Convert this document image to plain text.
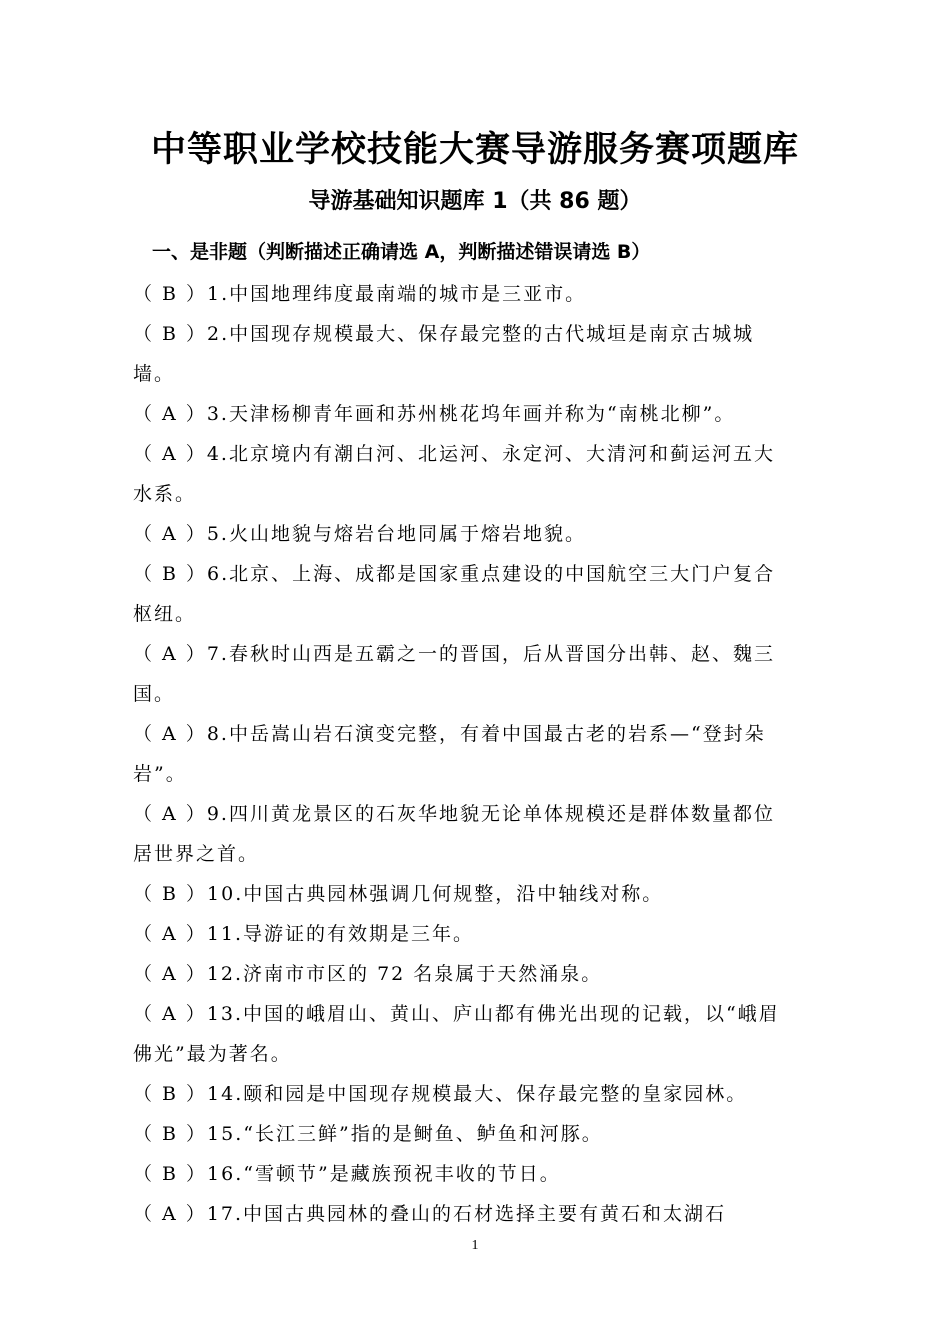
中等职业学校技能大赛导游服务赛项题库
导游基础知识题库 1（共 86 题）
一、是非题（判断描述正确请选 A，判断描述错误请选 B）
（ B ）1.中国地理纬度最南端的城市是三亚市。
（ B ）2.中国现存规模最大、保存最完整的古代城垣是南京古城城墙。
（ A ）3.天津杨柳青年画和苏州桃花坞年画并称为“南桃北柳”。
（ A ）4.北京境内有潮白河、北运河、永定河、大清河和蓟运河五大水系。
（ A ）5.火山地貌与熔岩台地同属于熔岩地貌。
（ B ）6.北京、上海、成都是国家重点建设的中国航空三大门户复合枢纽。
（ A ）7.春秋时山西是五霸之一的晋国，后从晋国分出韩、赵、魏三国。
（ A ）8.中岳嵩山岩石演变完整，有着中国最古老的岩系—“登封朵岩”。
（ A ）9.四川黄龙景区的石灰华地貌无论单体规模还是群体数量都位居世界之首。
（ B ）10.中国古典园林强调几何规整，沿中轴线对称。
（ A ）11.导游证的有效期是三年。
（ A ）12.济南市市区的 72 名泉属于天然涌泉。
（ A ）13.中国的峨眉山、黄山、庐山都有佛光出现的记载，以“峨眉佛光”最为著名。
（ B ）14.颐和园是中国现存规模最大、保存最完整的皇家园林。
（ B ）15.“长江三鲜”指的是鲥鱼、鲈鱼和河豚。
（ B ）16.“雪顿节”是藏族预祝丰收的节日。
（ A ）17.中国古典园林的叠山的石材选择主要有黄石和太湖石
1
